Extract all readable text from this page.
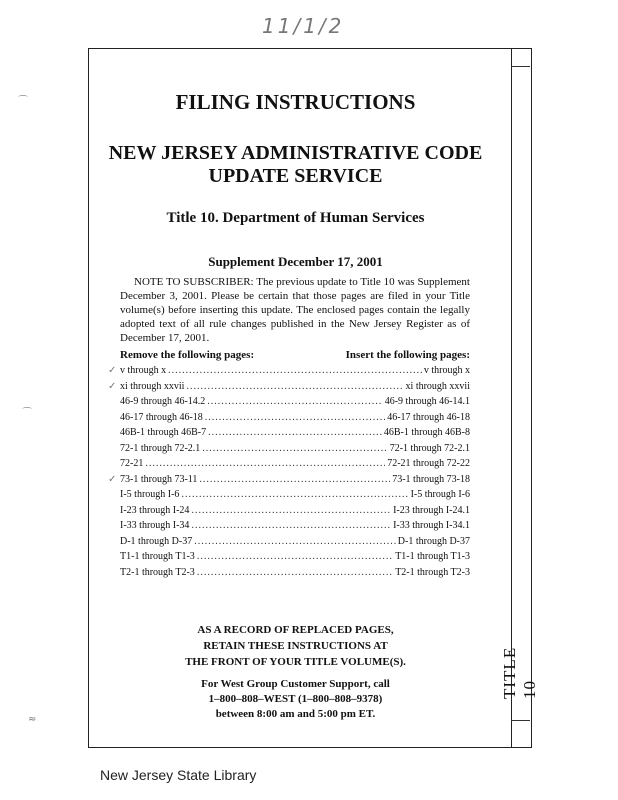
11/1/2
⌒
⌒
≈
TITLE 10
FILING INSTRUCTIONS
NEW JERSEY ADMINISTRATIVE CODE
UPDATE SERVICE
Title 10. Department of Human Services
Supplement December 17, 2001
NOTE TO SUBSCRIBER: The previous update to Title 10 was Supplement December 3, 2001. Please be certain that those pages are filed in your Title volume(s) before inserting this update. The enclosed pages contain the legally adopted text of all rule changes published in the New Jersey Register as of December 17, 2001.
Remove the following pages:	Insert the following pages:
✓
✓
✓
v through x .....	v through x
xi through xxvii .....	xi through xxvii
46-9 through 46-14.2 .....	46-9 through 46-14.1
46-17 through 46-18 .....	46-17 through 46-18
46B-1 through 46B-7 .....	46B-1 through 46B-8
72-1 through 72-2.1 .....	72-1 through 72-2.1
72-21 .....	72-21 through 72-22
73-1 through 73-11 .....	73-1 through 73-18
I-5 through I-6 .....	I-5 through I-6
I-23 through I-24 .....	I-23 through I-24.1
I-33 through I-34 .....	I-33 through I-34.1
D-1 through D-37 .....	D-1 through D-37
T1-1 through T1-3 .....	T1-1 through T1-3
T2-1 through T2-3 .....	T2-1 through T2-3
AS A RECORD OF REPLACED PAGES,
RETAIN THESE INSTRUCTIONS AT
THE FRONT OF YOUR TITLE VOLUME(S).
For West Group Customer Support, call
1–800–808–WEST (1–800–808–9378)
between 8:00 am and 5:00 pm ET.
New Jersey State Library
